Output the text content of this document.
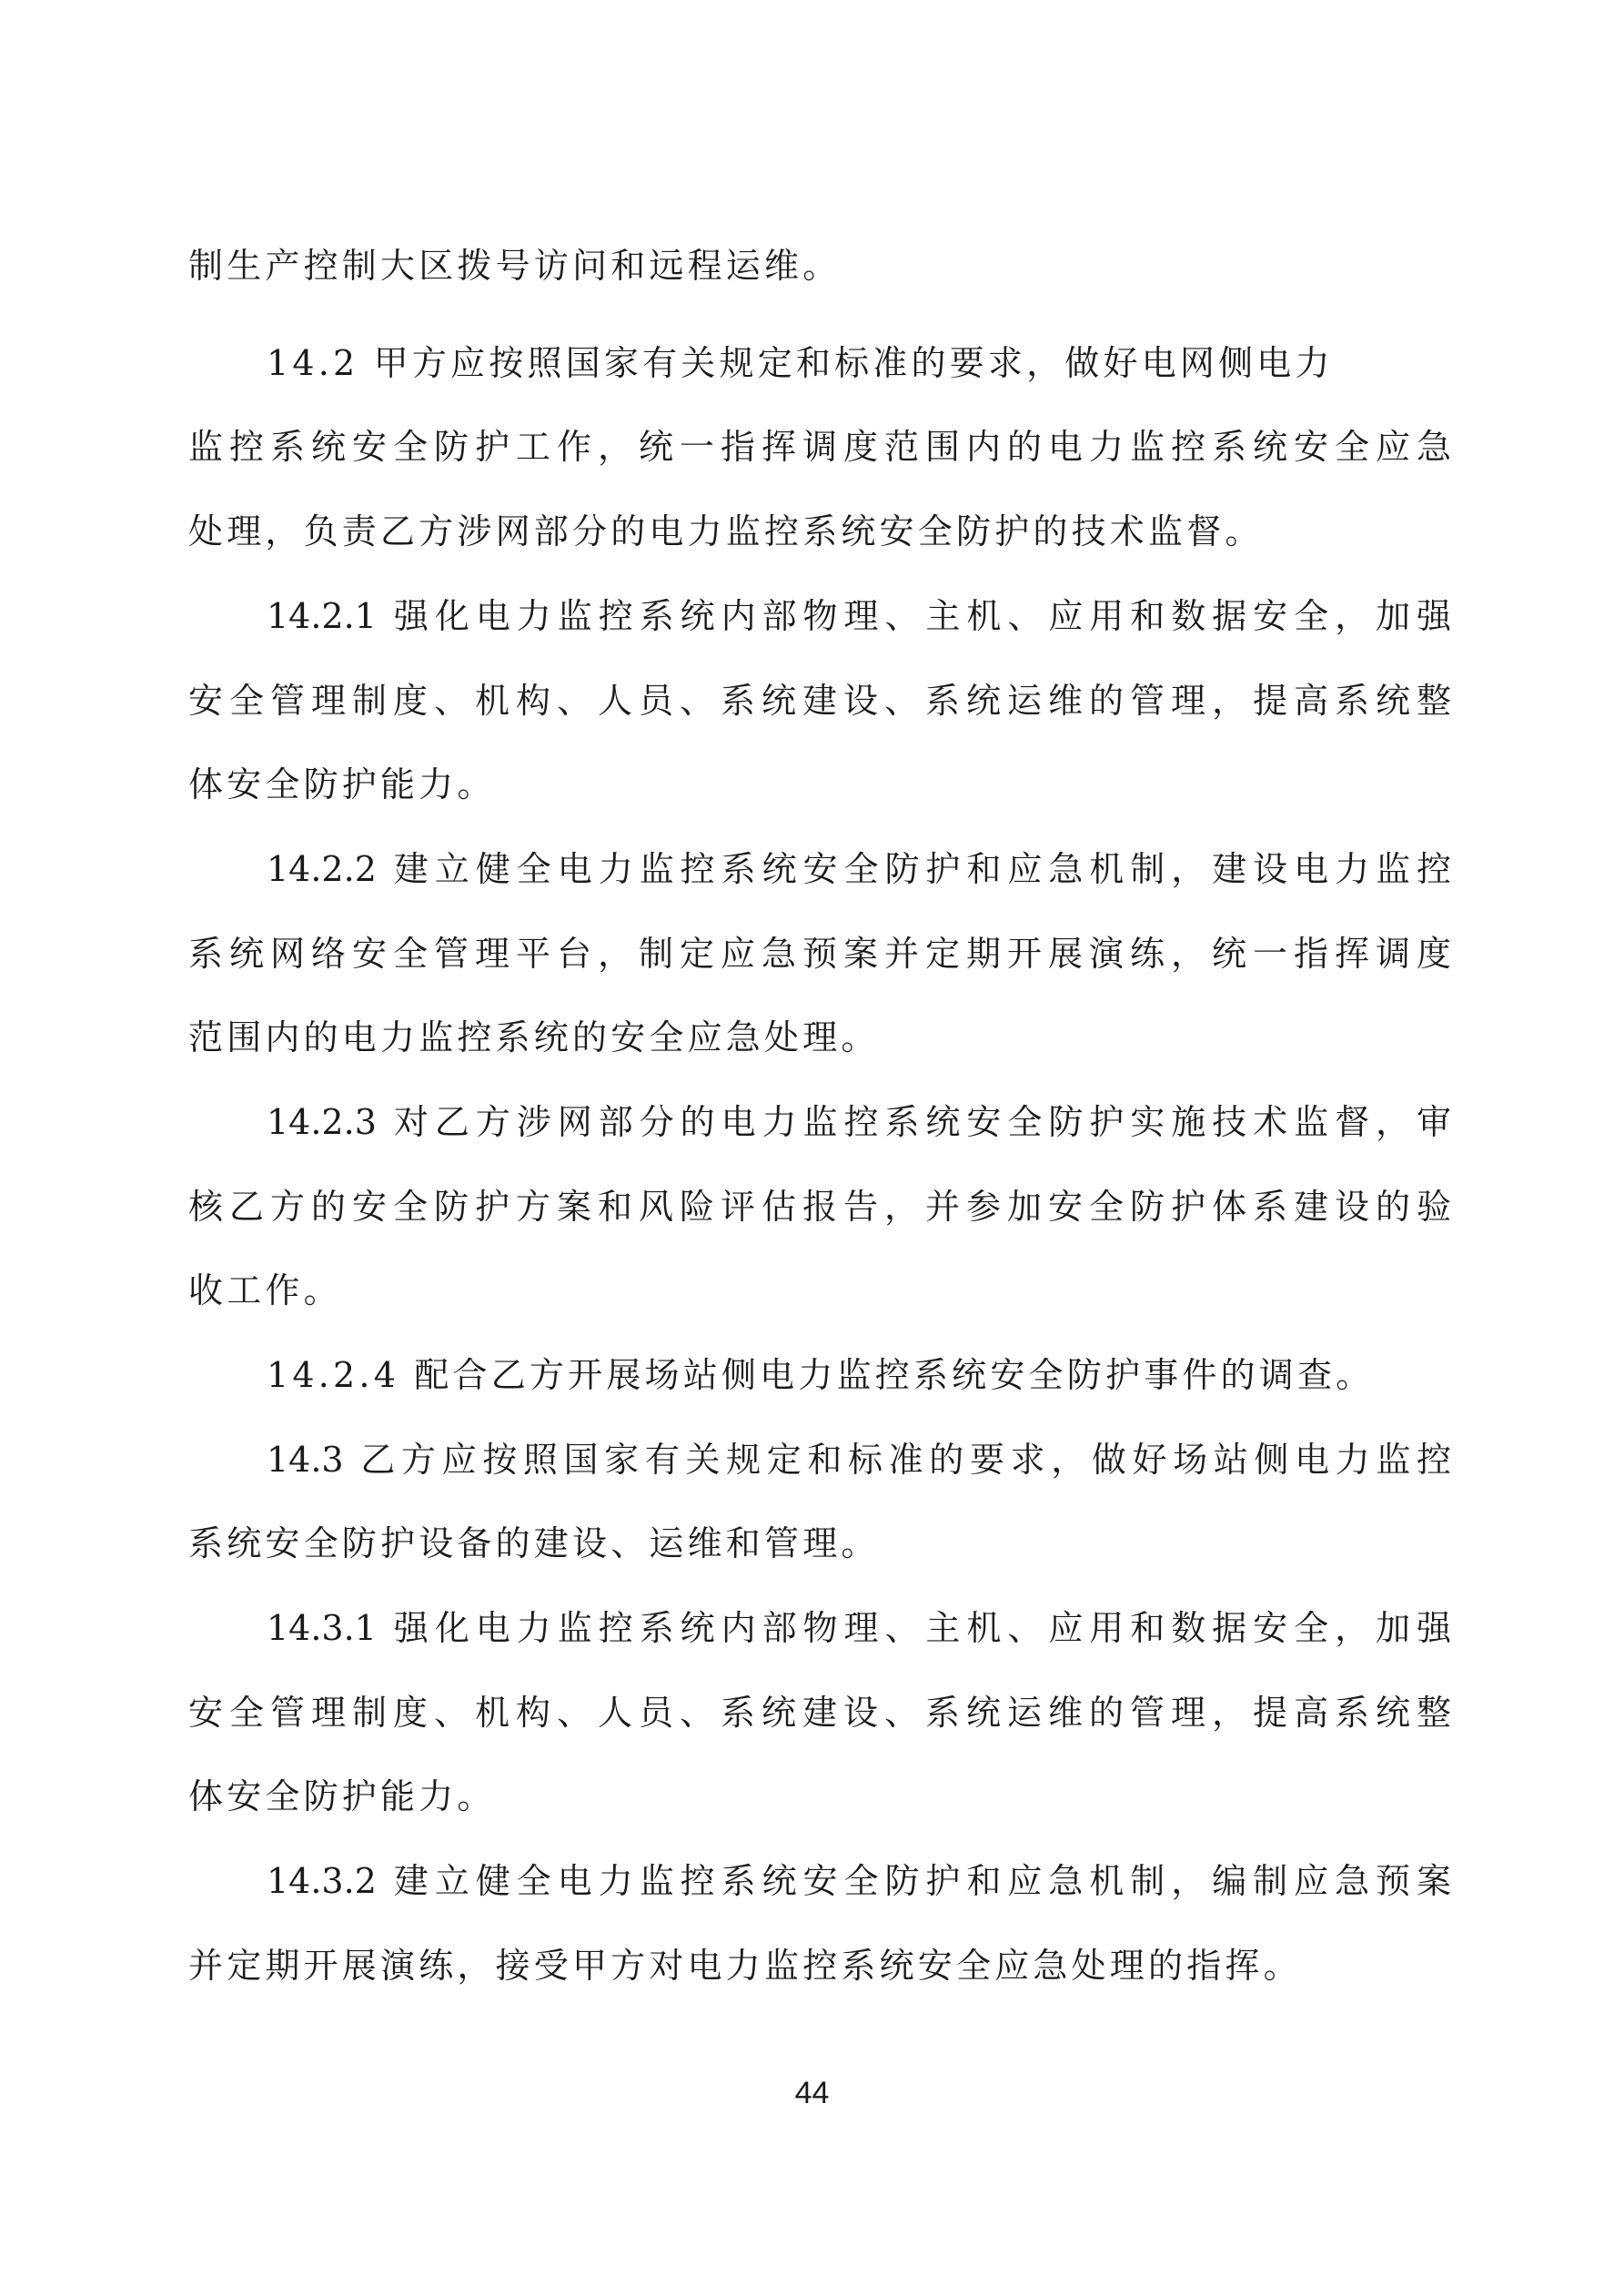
制生产控制大区拨号访问和远程运维。
14.2 甲方应按照国家有关规定和标准的要求，做好电网侧电力
监控系统安全防护工作，统一指挥调度范围内的电力监控系统安全应急
处理，负责乙方涉网部分的电力监控系统安全防护的技术监督。
14.2.1 强化电力监控系统内部物理、主机、应用和数据安全，加强
安全管理制度、机构、人员、系统建设、系统运维的管理，提高系统整
体安全防护能力。
14.2.2 建立健全电力监控系统安全防护和应急机制，建设电力监控
系统网络安全管理平台，制定应急预案并定期开展演练，统一指挥调度
范围内的电力监控系统的安全应急处理。
14.2.3 对乙方涉网部分的电力监控系统安全防护实施技术监督，审
核乙方的安全防护方案和风险评估报告，并参加安全防护体系建设的验
收工作。
14.2.4 配合乙方开展场站侧电力监控系统安全防护事件的调查。
14.3 乙方应按照国家有关规定和标准的要求，做好场站侧电力监控
系统安全防护设备的建设、运维和管理。
14.3.1 强化电力监控系统内部物理、主机、应用和数据安全，加强
安全管理制度、机构、人员、系统建设、系统运维的管理，提高系统整
体安全防护能力。
14.3.2 建立健全电力监控系统安全防护和应急机制，编制应急预案
并定期开展演练，接受甲方对电力监控系统安全应急处理的指挥。
44
